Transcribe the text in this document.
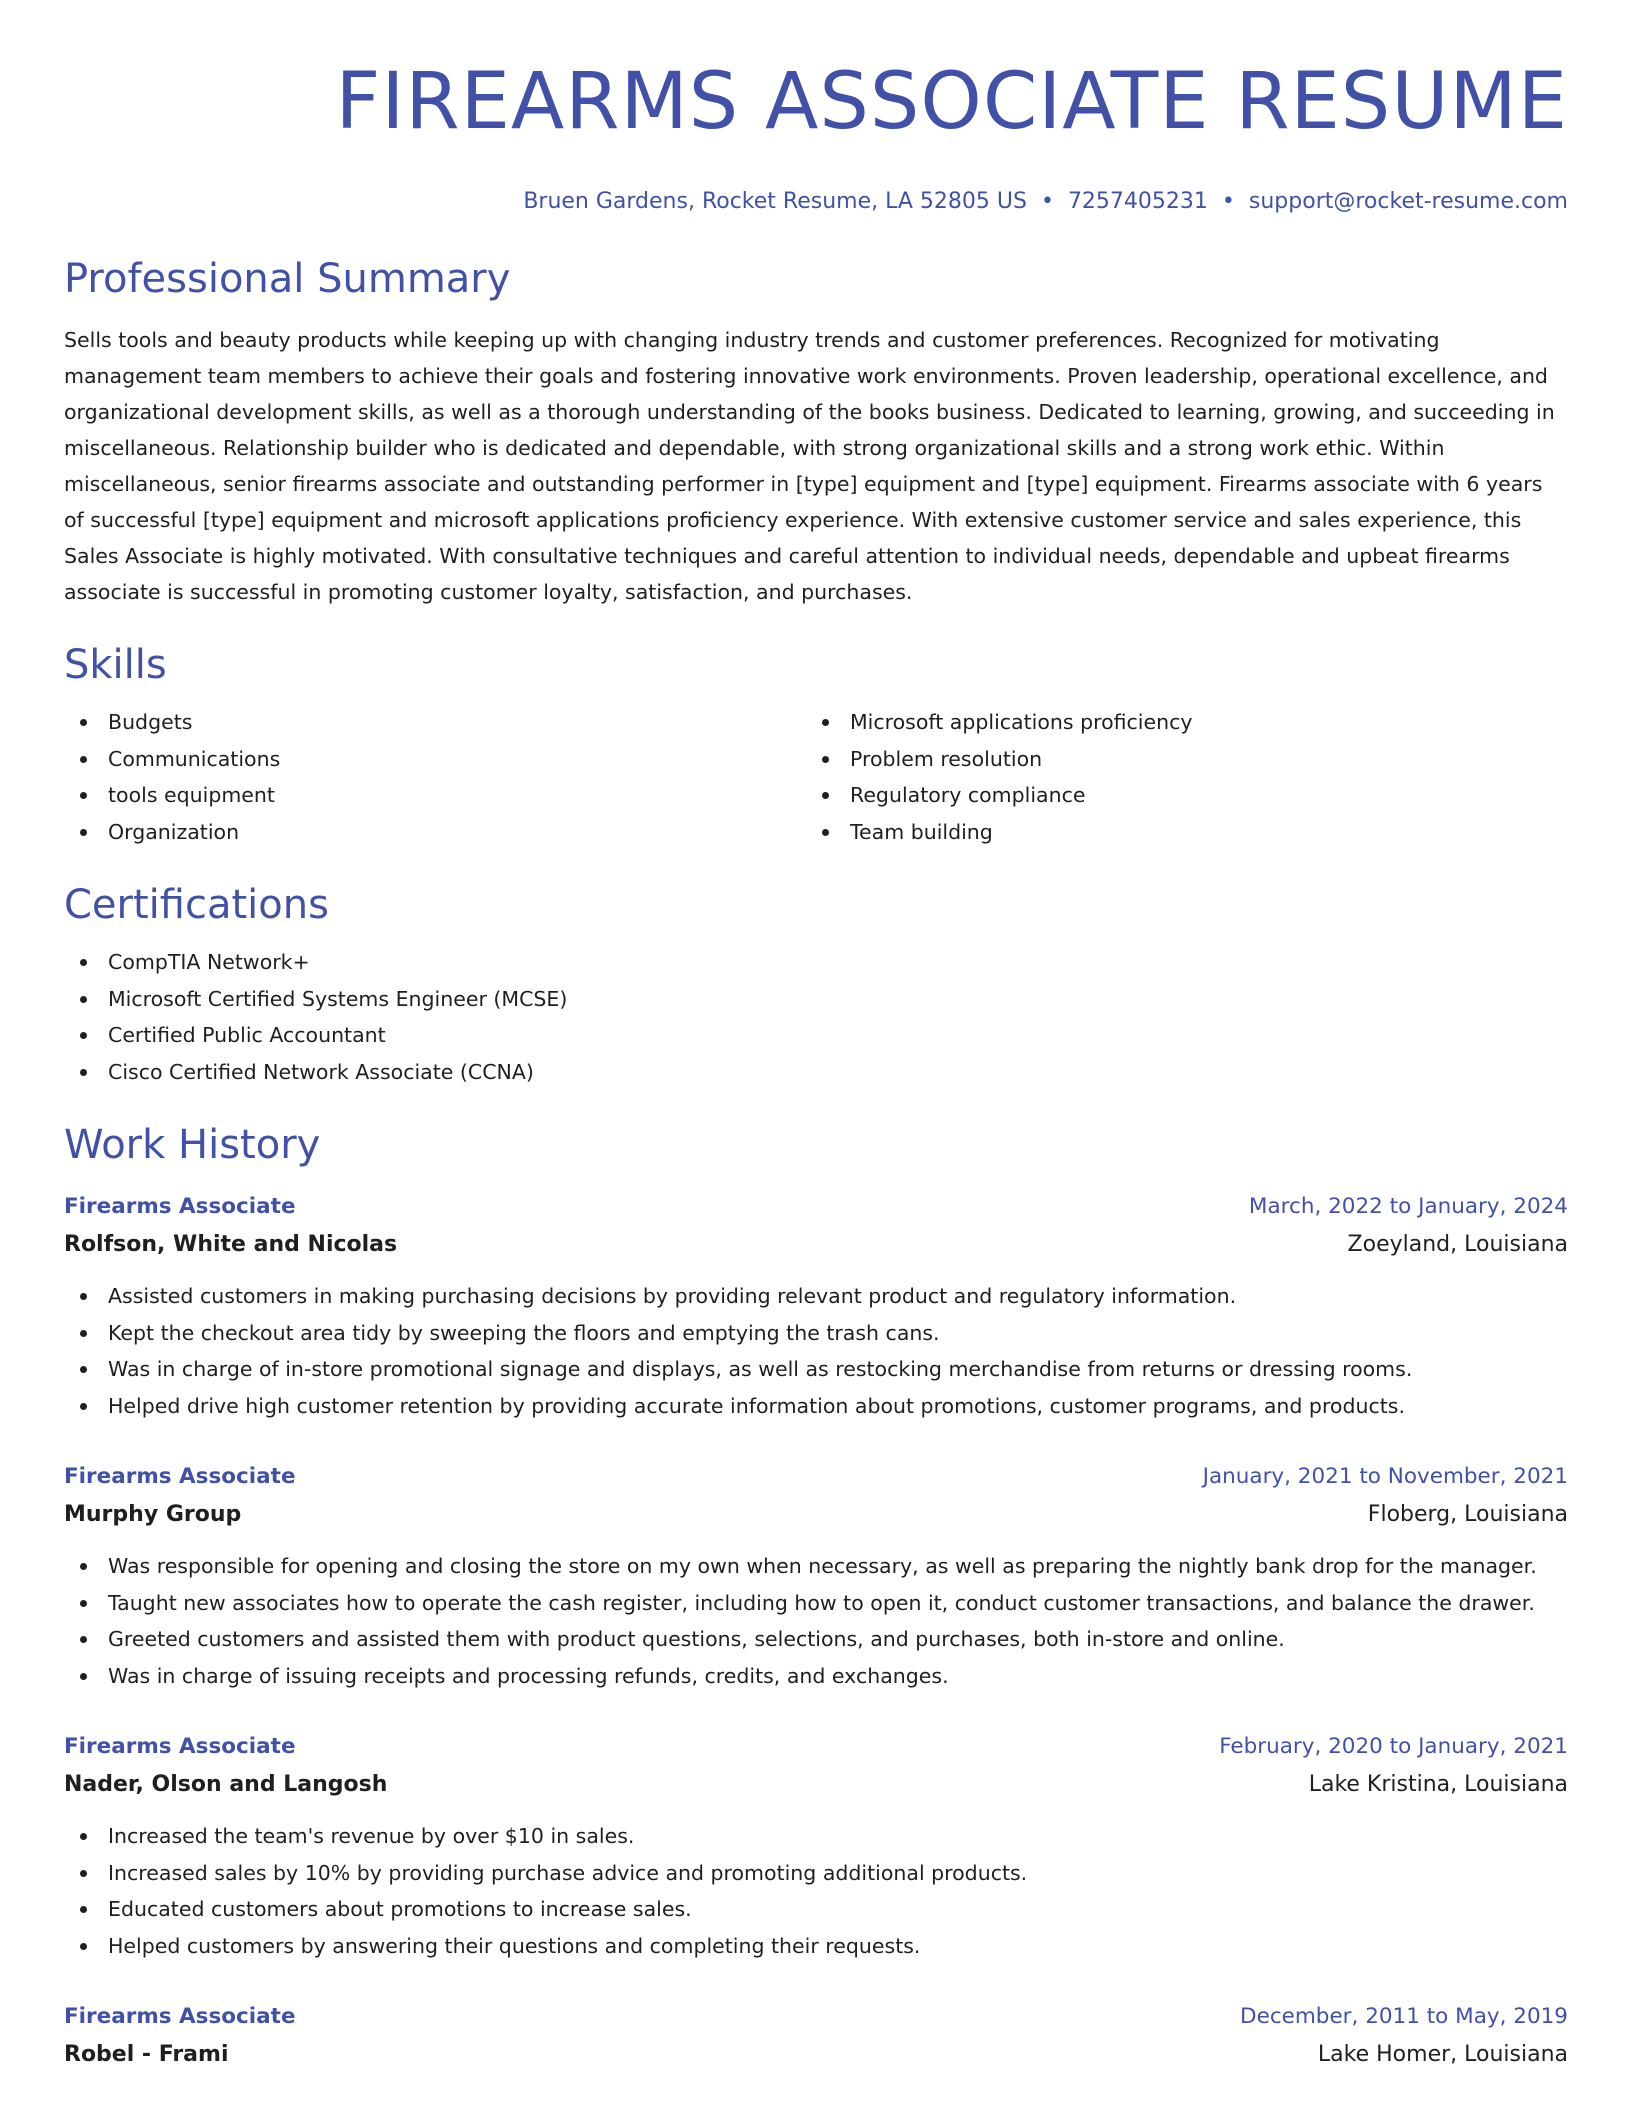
FIREARMS ASSOCIATE RESUME
Bruen Gardens, Rocket Resume, LA 52805 US • 7257405231 • support@rocket-resume.com
Professional Summary

Sells tools and beauty products while keeping up with changing industry trends and customer preferences. Recognized for motivating management team members to achieve their goals and fostering innovative work environments. Proven leadership, operational excellence, and organizational development skills, as well as a thorough understanding of the books business. Dedicated to learning, growing, and succeeding in miscellaneous. Relationship builder who is dedicated and dependable, with strong organizational skills and a strong work ethic. Within miscellaneous, senior firearms associate and outstanding performer in [type] equipment and [type] equipment. Firearms associate with 6 years of successful [type] equipment and microsoft applications proficiency experience. With extensive customer service and sales experience, this Sales Associate is highly motivated. With consultative techniques and careful attention to individual needs, dependable and upbeat firearms associate is successful in promoting customer loyalty, satisfaction, and purchases.

Skills
Budgets
Communications
tools equipment
Organization
Microsoft applications proficiency
Problem resolution
Regulatory compliance
Team building
Certifications
CompTIA Network+
Microsoft Certified Systems Engineer (MCSE)
Certified Public Accountant
Cisco Certified Network Associate (CCNA)
Work History
Firearms Associate	March, 2022 to January, 2024
Rolfson, White and Nicolas	Zoeyland, Louisiana
Assisted customers in making purchasing decisions by providing relevant product and regulatory information.
Kept the checkout area tidy by sweeping the floors and emptying the trash cans.
Was in charge of in-store promotional signage and displays, as well as restocking merchandise from returns or dressing rooms.
Helped drive high customer retention by providing accurate information about promotions, customer programs, and products.
Firearms Associate	January, 2021 to November, 2021
Murphy Group	Floberg, Louisiana
Was responsible for opening and closing the store on my own when necessary, as well as preparing the nightly bank drop for the manager.
Taught new associates how to operate the cash register, including how to open it, conduct customer transactions, and balance the drawer.
Greeted customers and assisted them with product questions, selections, and purchases, both in-store and online.
Was in charge of issuing receipts and processing refunds, credits, and exchanges.
Firearms Associate	February, 2020 to January, 2021
Nader, Olson and Langosh	Lake Kristina, Louisiana
Increased the team's revenue by over $10 in sales.
Increased sales by 10% by providing purchase advice and promoting additional products.
Educated customers about promotions to increase sales.
Helped customers by answering their questions and completing their requests.
Firearms Associate	December, 2011 to May, 2019
Robel - Frami	Lake Homer, Louisiana
